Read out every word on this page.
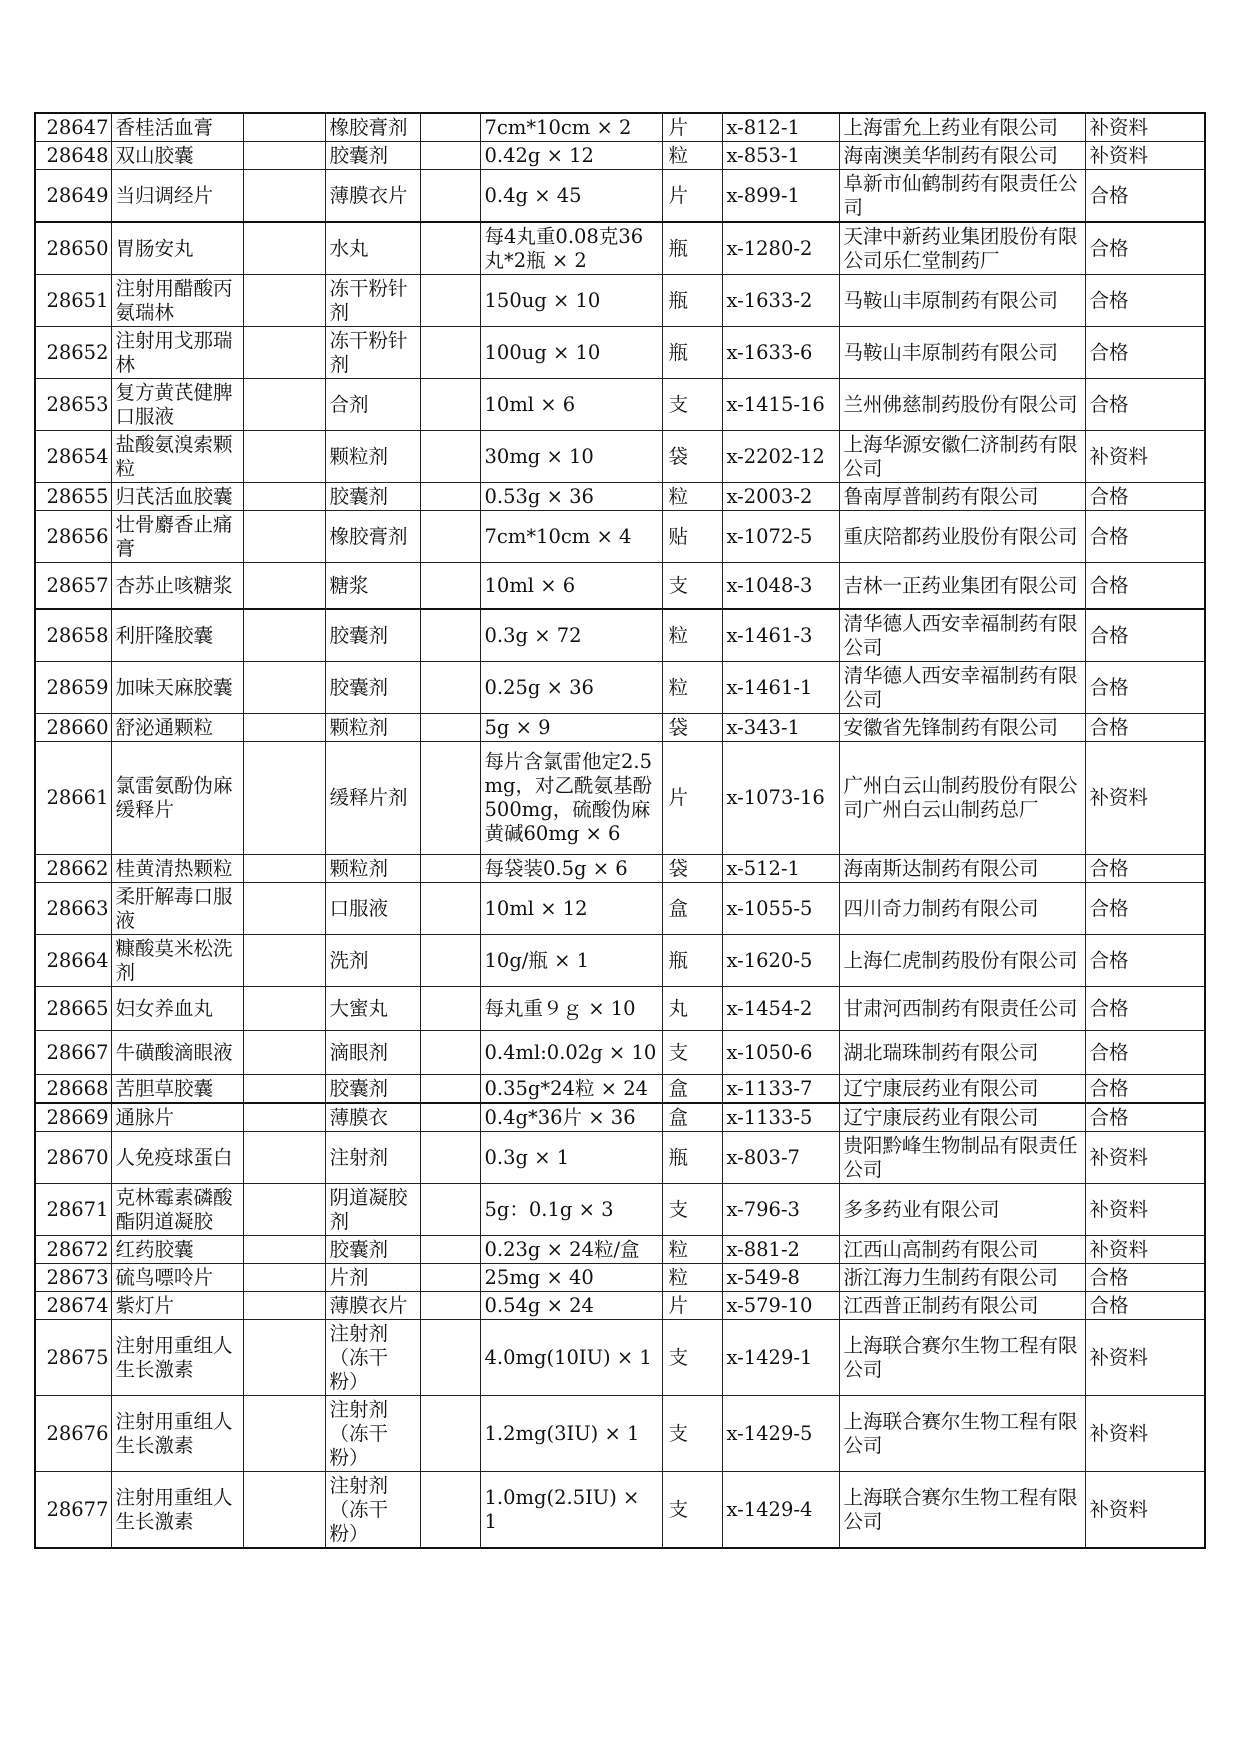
28647	香桂活血膏		橡胶膏剂		7cm*10cm × 2	片	x-812-1	上海雷允上药业有限公司	补资料
28648	双山胶囊		胶囊剂		0.42g × 12	粒	x-853-1	海南澳美华制药有限公司	补资料
28649	当归调经片		薄膜衣片		0.4g × 45	片	x-899-1	阜新市仙鹤制药有限责任公司	合格
28650	胃肠安丸		水丸		每4丸重0.08克36丸*2瓶 × 2	瓶	x-1280-2	天津中新药业集团股份有限公司乐仁堂制药厂	合格
28651	注射用醋酸丙氨瑞林		冻干粉针剂		150ug × 10	瓶	x-1633-2	马鞍山丰原制药有限公司	合格
28652	注射用戈那瑞林		冻干粉针剂		100ug × 10	瓶	x-1633-6	马鞍山丰原制药有限公司	合格
28653	复方黄芪健脾口服液		合剂		10ml × 6	支	x-1415-16	兰州佛慈制药股份有限公司	合格
28654	盐酸氨溴索颗粒		颗粒剂		30mg × 10	袋	x-2202-12	上海华源安徽仁济制药有限公司	补资料
28655	归芪活血胶囊		胶囊剂		0.53g × 36	粒	x-2003-2	鲁南厚普制药有限公司	合格
28656	壮骨麝香止痛膏		橡胶膏剂		7cm*10cm × 4	贴	x-1072-5	重庆陪都药业股份有限公司	合格
28657	杏苏止咳糖浆		糖浆		10ml × 6	支	x-1048-3	吉林一正药业集团有限公司	合格
28658	利肝隆胶囊		胶囊剂		0.3g × 72	粒	x-1461-3	清华德人西安幸福制药有限公司	合格
28659	加味天麻胶囊		胶囊剂		0.25g × 36	粒	x-1461-1	清华德人西安幸福制药有限公司	合格
28660	舒泌通颗粒		颗粒剂		5g × 9	袋	x-343-1	安徽省先锋制药有限公司	合格
28661	氯雷氨酚伪麻缓释片		缓释片剂		每片含氯雷他定2.5mg，对乙酰氨基酚500mg，硫酸伪麻黄碱60mg × 6	片	x-1073-16	广州白云山制药股份有限公司广州白云山制药总厂	补资料
28662	桂黄清热颗粒		颗粒剂		每袋装0.5g × 6	袋	x-512-1	海南斯达制药有限公司	合格
28663	柔肝解毒口服液		口服液		10ml × 12	盒	x-1055-5	四川奇力制药有限公司	合格
28664	糠酸莫米松洗剂		洗剂		10g/瓶 × 1	瓶	x-1620-5	上海仁虎制药股份有限公司	合格
28665	妇女养血丸		大蜜丸		每丸重９ｇ × 10	丸	x-1454-2	甘肃河西制药有限责任公司	合格
28667	牛磺酸滴眼液		滴眼剂		0.4ml:0.02g × 10	支	x-1050-6	湖北瑞珠制药有限公司	合格
28668	苦胆草胶囊		胶囊剂		0.35g*24粒 × 24	盒	x-1133-7	辽宁康辰药业有限公司	合格
28669	通脉片		薄膜衣		0.4g*36片 × 36	盒	x-1133-5	辽宁康辰药业有限公司	合格
28670	人免疫球蛋白		注射剂		0.3g × 1	瓶	x-803-7	贵阳黔峰生物制品有限责任公司	补资料
28671	克林霉素磷酸酯阴道凝胶		阴道凝胶剂		5g：0.1g × 3	支	x-796-3	多多药业有限公司	补资料
28672	红药胶囊		胶囊剂		0.23g × 24粒/盒	粒	x-881-2	江西山高制药有限公司	补资料
28673	硫鸟嘌呤片		片剂		25mg × 40	粒	x-549-8	浙江海力生制药有限公司	合格
28674	紫灯片		薄膜衣片		0.54g × 24	片	x-579-10	江西普正制药有限公司	合格
28675	注射用重组人生长激素		注射剂（冻干粉）		4.0mg(10IU) × 1	支	x-1429-1	上海联合赛尔生物工程有限公司	补资料
28676	注射用重组人生长激素		注射剂（冻干粉）		1.2mg(3IU) × 1	支	x-1429-5	上海联合赛尔生物工程有限公司	补资料
28677	注射用重组人生长激素		注射剂（冻干粉）		1.0mg(2.5IU) × 1	支	x-1429-4	上海联合赛尔生物工程有限公司	补资料
